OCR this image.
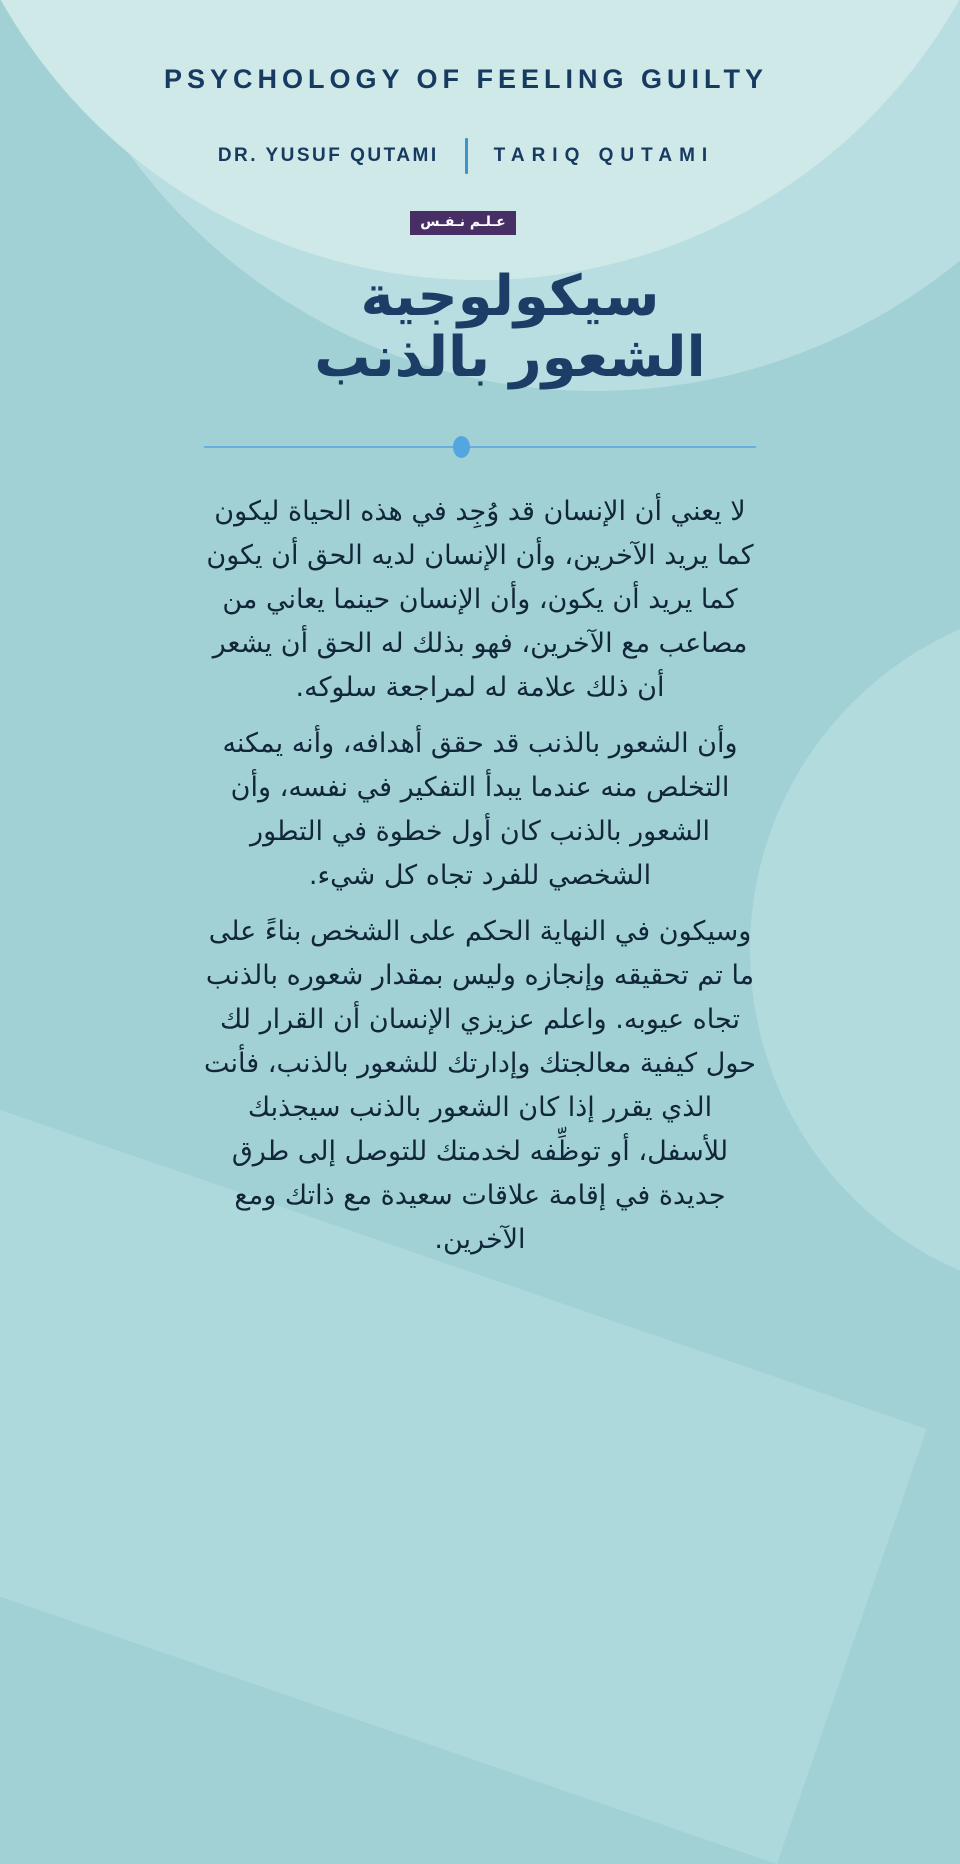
PSYCHOLOGY OF FEELING GUILTY
DR. YUSUF QUTAMI	TARIQ QUTAMI
عـلـم نـفـس
سيكولوجية
الشعور بالذنب

لا يعني أن الإنسان قد وُجِد في هذه الحياة ليكون كما يريد الآخرين، وأن الإنسان لديه الحق أن يكون كما يريد أن يكون، وأن الإنسان حينما يعاني من مصاعب مع الآخرين، فهو بذلك له الحق أن يشعر أن ذلك علامة له لمراجعة سلوكه.

وأن الشعور بالذنب قد حقق أهدافه، وأنه يمكنه التخلص منه عندما يبدأ التفكير في نفسه، وأن الشعور بالذنب كان أول خطوة في التطور الشخصي للفرد تجاه كل شيء.

وسيكون في النهاية الحكم على الشخص بناءً على ما تم تحقيقه وإنجازه وليس بمقدار شعوره بالذنب تجاه عيوبه. واعلم عزيزي الإنسان أن القرار لك حول كيفية معالجتك وإدارتك للشعور بالذنب، فأنت الذي يقرر إذا كان الشعور بالذنب سيجذبك للأسفل، أو توظِّفه لخدمتك للتوصل إلى طرق جديدة في إقامة علاقات سعيدة مع ذاتك ومع الآخرين.
